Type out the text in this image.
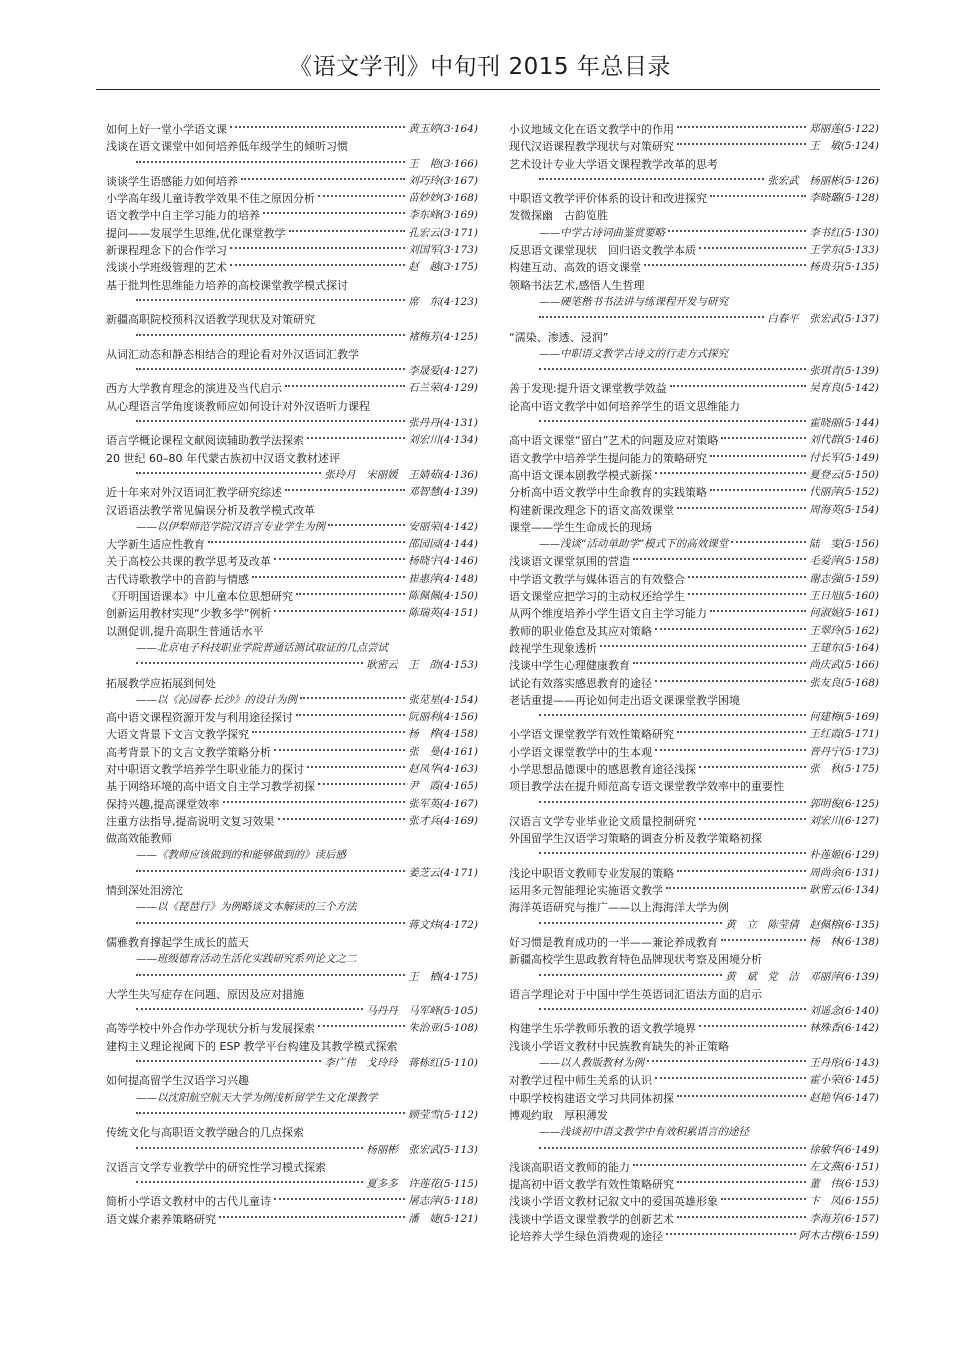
《语文学刊》中旬刊 2015 年总目录
如何上好一堂小学语文课	黄玉婷(3·164)
浅谈在语文课堂中如何培养低年级学生的倾听习惯
王　艳(3·166)
谈谈学生语感能力如何培养	刘巧玲(3·167)
小学高年级儿童诗教学效果不佳之原因分析	苗妙妙(3·168)
语文教学中自主学习能力的培养	李东峰(3·169)
提问——发展学生思维,优化课堂教学	孔宏云(3·171)
新课程理念下的合作学习	刘国军(3·173)
浅谈小学班级管理的艺术	赵　越(3·175)
基于批判性思维能力培养的高校课堂教学模式探讨
席　东(4·123)
新疆高职院校预科汉语教学现状及对策研究
褚梅芳(4·125)
从词汇动态和静态相结合的理论看对外汉语词汇教学
李晟爱(4·127)
西方大学教育理念的演进及当代启示	石兰荣(4·129)
从心理语言学角度谈教师应如何设计对外汉语听力课程
张丹丹(4·131)
语言学概论课程文献阅读辅助教学法探索	刘宏川(4·134)
20 世纪 60–80 年代蒙古族初中汉语文教材述评
张玲月　宋丽媛　王婧茹(4·136)
近十年来对外汉语词汇教学研究综述	邓智慧(4·139)
汉语语法教学常见偏误分析及教学模式改革
——以伊犁师范学院汉语言专业学生为例	安丽荣(4·142)
大学新生适应性教育	邵园园(4·144)
关于高校公共课的教学思考及改革	杨晓宇(4·146)
古代诗歌教学中的音韵与情感	崔惠萍(4·148)
《开明国语课本》中儿童本位思想研究	陈佩佩(4·150)
创新运用教材实现“少教多学”例析	陈瑞英(4·151)
以测促训,提升高职生普通话水平
——北京电子科技职业学院普通话测试取证的几点尝试
耿密云　王　劭(4·153)
拓展教学应拓展到何处
——以《沁园春·长沙》的设计为例	张苋星(4·154)
高中语文课程资源开发与利用途径探讨	阮丽利(4·156)
大语文背景下文言文教学探究	杨　桦(4·158)
高考背景下的文言文教学策略分析	张　曼(4·161)
对中职语文教学培养学生职业能力的探讨	赵凤华(4·163)
基于网络环境的高中语文自主学习教学初探	尹　霞(4·165)
保持兴趣,提高课堂效率	张军英(4·167)
注重方法指导,提高说明文复习效果	张才兵(4·169)
做高效能教师
——《教师应该做到的和能够做到的》读后感
姜芝云(4·171)
情到深处泪滂沱
——以《琵琶行》为例略谈文本解读的三个方法
蒋文炜(4·172)
儒雅教育撑起学生成长的蓝天
——班级德育活动生活化实践研究系列论文之二
王　栖(4·175)
大学生失写症存在问题、原因及应对措施
马丹丹　马军峰(5·105)
高等学校中外合作办学现状分析与发展探索	朱治亚(5·108)
建构主义理论视阈下的 ESP 教学平台构建及其教学模式探索
李广伟　戈玲玲　蒋栋红(5·110)
如何提高留学生汉语学习兴趣
——以沈阳航空航天大学为例浅析留学生文化课教学
顾莹雪(5·112)
传统文化与高职语文教学融合的几点探索
杨丽彬　张宏武(5·113)
汉语言文学专业教学中的研究性学习模式探索
夏多多　许莲花(5·115)
简析小学语文教材中的古代儿童诗	屠志萍(5·118)
语文媒介素养策略研究	潘　婕(5·121)
小议地域文化在语文教学中的作用	郑丽莲(5·122)
现代汉语课程教学现状与对策研究	王　敏(5·124)
艺术设计专业大学语文课程教学改革的思考
张宏武　杨丽彬(5·126)
中职语文教学评价体系的设计和改进探究	李晓璐(5·128)
发微探幽　古韵览胜
——中学古诗词曲鉴赏要略	李书红(5·130)
反思语文课堂现状　回归语文教学本质	王学东(5·133)
构建互动、高效的语文课堂	杨贵芬(5·135)
领略书法艺术,感悟人生哲理
——硬笔楷书书法讲与练课程开发与研究
白春平　张宏武(5·137)
“濡染、渗透、浸润”
——中职语文教学古诗文的行走方式探究
张琪青(5·139)
善于发现:提升语文课堂教学效益	吴育良(5·142)
论高中语文教学中如何培养学生的语文思维能力
霍晓丽(5·144)
高中语文课堂“留白”艺术的问题及应对策略	刘代群(5·146)
语文教学中培养学生提问能力的策略研究	付长军(5·149)
高中语文课本剧教学模式新探	夏登云(5·150)
分析高中语文教学中生命教育的实践策略	代丽萍(5·152)
构建新课改理念下的语文高效课堂	周海英(5·154)
课堂——学生生命成长的现场
——浅谈“活动单助学”模式下的高效课堂	陆　雯(5·156)
浅谈语文课堂氛围的营造	毛爱萍(5·158)
中学语文教学与媒体语言的有效整合	谢志强(5·159)
语文课堂应把学习的主动权还给学生	王日旭(5·160)
从两个维度培养小学生语文自主学习能力	何淑妮(5·161)
教师的职业倦怠及其应对策略	王翠玲(5·162)
歧视学生现象透析	王建东(5·164)
浅谈中学生心理健康教育	尚庆武(5·166)
试论有效落实感恩教育的途径	张友良(5·168)
老话重提——再论如何走出语文课课堂教学困境
何建梅(5·169)
小学语文课堂教学有效性策略研究	王红霞(5·171)
小学语文课堂教学中的生本观	晋丹宁(5·173)
小学思想品德课中的感恩教育途径浅探	张　秋(5·175)
项目教学法在提升师范高专语文课堂教学效率中的重要性
郭明俊(6·125)
汉语言文学专业毕业论文质量控制研究	刘宏川(6·127)
外国留学生汉语学习策略的调查分析及教学策略初探
朴莲姬(6·129)
浅论中职语文教师专业发展的策略	周尚余(6·131)
运用多元智能理论实施语文教学	耿密云(6·134)
海洋英语研究与推广——以上海海洋大学为例
黄　立　陈莹倩　赵佩榕(6·135)
好习惯是教育成功的一半——兼论养成教育	杨　林(6·138)
新疆高校学生思政教育特色品牌现状考察及困境分析
黄　斌　党　洁　邓丽萍(6·139)
语言学理论对于中国中学生英语词汇语法方面的启示
刘遥念(6·140)
构建学生乐学教师乐教的语文教学境界	林殊香(6·142)
浅谈小学语文教材中民族教育缺失的补正策略
——以人教版教材为例	王丹彤(6·143)
对教学过程中师生关系的认识	霍小荣(6·145)
中职学校构建语文学习共同体初探	赵艳华(6·147)
博观约取　厚积薄发
——浅谈初中语文教学中有效积累语言的途径
徐敏华(6·149)
浅谈高职语文教师的能力	左文燕(6·151)
提高初中语文教学有效性策略研究	董　伟(6·153)
浅谈小学语文教材记叙文中的爱国英雄形象	卞　凤(6·155)
浅谈中学语文课堂教学的创新艺术	李海芳(6·157)
论培养大学生绿色消费观的途径	阿木古楞(6·159)
